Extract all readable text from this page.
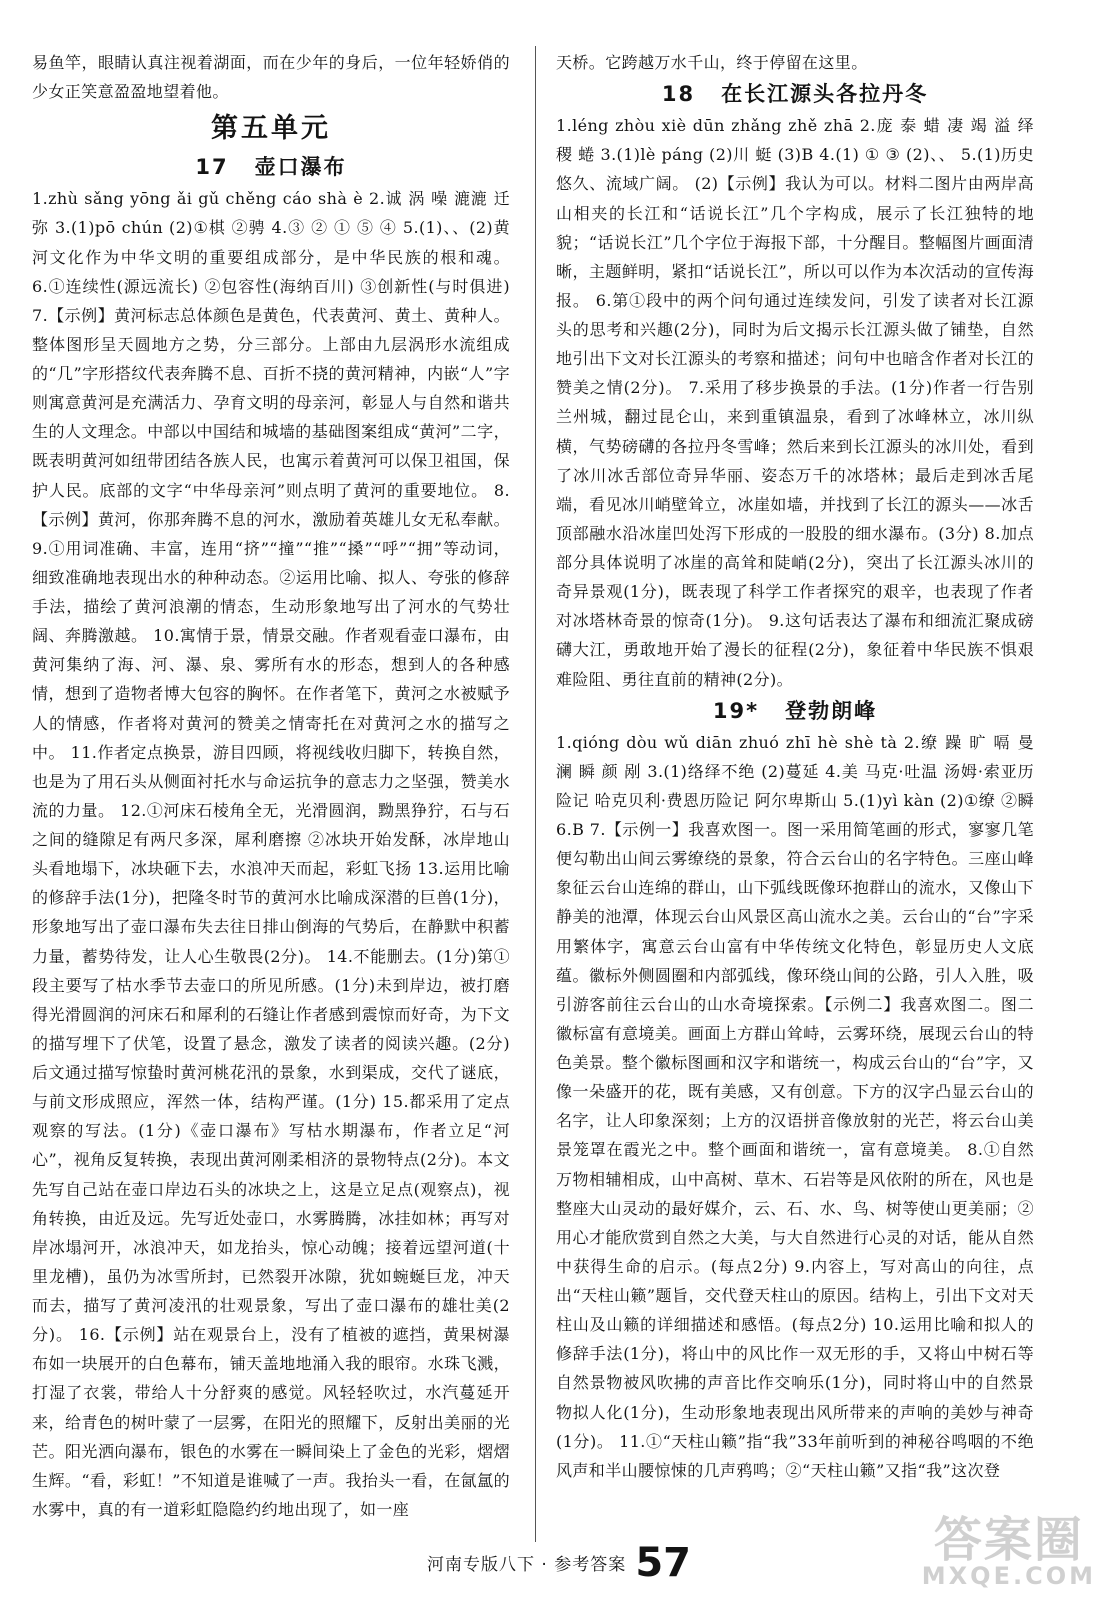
易鱼竿，眼睛认真注视着湖面，而在少年的身后，一位年轻娇俏的少女正笑意盈盈地望着他。

第五单元
17 壶口瀑布

1.zhù sǎng yōng ǎi gǔ chěng cáo shà è 2.诚 涡 噪 漉漉 迁 弥 3.(1)pō chún (2)①棋 ②骋 4.③ ② ① ⑤ ④ 5.(1)、、(2)黄河文化作为中华文明的重要组成部分，是中华民族的根和魂。 6.①连续性(源远流长) ②包容性(海纳百川) ③创新性(与时俱进) 7.【示例】黄河标志总体颜色是黄色，代表黄河、黄土、黄种人。整体图形呈天圆地方之势，分三部分。上部由九层涡形水流组成的“几”字形搭纹代表奔腾不息、百折不挠的黄河精神，内嵌“人”字则寓意黄河是充满活力、孕育文明的母亲河，彰显人与自然和谐共生的人文理念。中部以中国结和城墙的基础图案组成“黄河”二字，既表明黄河如纽带团结各族人民，也寓示着黄河可以保卫祖国，保护人民。底部的文字“中华母亲河”则点明了黄河的重要地位。 8.【示例】黄河，你那奔腾不息的河水，激励着英雄儿女无私奉献。 9.①用词准确、丰富，连用“挤”“撞”“推”“搡”“呼”“拥”等动词，细致准确地表现出水的种种动态。②运用比喻、拟人、夸张的修辞手法，描绘了黄河浪潮的情态，生动形象地写出了河水的气势壮阔、奔腾激越。 10.寓情于景，情景交融。作者观看壶口瀑布，由黄河集纳了海、河、瀑、泉、雾所有水的形态，想到人的各种感情，想到了造物者博大包容的胸怀。在作者笔下，黄河之水被赋予人的情感，作者将对黄河的赞美之情寄托在对黄河之水的描写之中。 11.作者定点换景，游目四顾，将视线收归脚下，转换自然，也是为了用石头从侧面衬托水与命运抗争的意志力之坚强，赞美水流的力量。 12.①河床石棱角全无，光滑圆润，黝黑狰狞，石与石之间的缝隙足有两尺多深，犀利磨擦 ②冰块开始发酥，冰岸地山头看地塌下，冰块砸下去，水浪冲天而起，彩虹飞扬 13.运用比喻的修辞手法(1分)，把隆冬时节的黄河水比喻成深潜的巨兽(1分)，形象地写出了壶口瀑布失去往日排山倒海的气势后，在静默中积蓄力量，蓄势待发，让人心生敬畏(2分)。 14.不能删去。(1分)第①段主要写了枯水季节去壶口的所见所感。(1分)未到岸边，被打磨得光滑圆润的河床石和犀利的石缝让作者感到震惊而好奇，为下文的描写埋下了伏笔，设置了悬念，激发了读者的阅读兴趣。(2分)后文通过描写惊蛰时黄河桃花汛的景象，水到渠成，交代了谜底，与前文形成照应，浑然一体，结构严谨。(1分) 15.都采用了定点观察的写法。(1分)《壶口瀑布》写枯水期瀑布，作者立足“河心”，视角反复转换，表现出黄河刚柔相济的景物特点(2分)。本文先写自己站在壶口岸边石头的冰块之上，这是立足点(观察点)，视角转换，由近及远。先写近处壶口，水雾腾腾，冰挂如林；再写对岸冰塌河开，冰浪冲天，如龙抬头，惊心动魄；接着远望河道(十里龙槽)，虽仍为冰雪所封，已然裂开冰隙，犹如蜿蜒巨龙，冲天而去，描写了黄河凌汛的壮观景象，写出了壶口瀑布的雄壮美(2分)。 16.【示例】站在观景台上，没有了植被的遮挡，黄果树瀑布如一块展开的白色幕布，铺天盖地地涌入我的眼帘。水珠飞溅，打湿了衣裳，带给人十分舒爽的感觉。风轻轻吹过，水汽蔓延开来，给青色的树叶蒙了一层雾，在阳光的照耀下，反射出美丽的光芒。阳光洒向瀑布，银色的水雾在一瞬间染上了金色的光彩，熠熠生辉。“看，彩虹！”不知道是谁喊了一声。我抬头一看，在氤氲的水雾中，真的有一道彩虹隐隐约约地出现了，如一座

天桥。它跨越万水千山，终于停留在这里。

18 在长江源头各拉丹冬

1.léng zhòu xiè dūn zhǎng zhě zhā 2.庞 泰 蜡 凄 竭 溢 绎 稷 蜷 3.(1)lè páng (2)川 蜓 (3)B 4.(1) ① ③ (2)、、 5.(1)历史悠久、流域广阔。 (2)【示例】我认为可以。材料二图片由两岸高山相夹的长江和“话说长江”几个字构成，展示了长江独特的地貌；“话说长江”几个字位于海报下部，十分醒目。整幅图片画面清晰，主题鲜明，紧扣“话说长江”，所以可以作为本次活动的宣传海报。 6.第①段中的两个问句通过连续发问，引发了读者对长江源头的思考和兴趣(2分)，同时为后文揭示长江源头做了铺垫，自然地引出下文对长江源头的考察和描述；问句中也暗含作者对长江的赞美之情(2分)。 7.采用了移步换景的手法。(1分)作者一行告别兰州城，翻过昆仑山，来到重镇温泉，看到了冰峰林立，冰川纵横，气势磅礴的各拉丹冬雪峰；然后来到长江源头的冰川处，看到了冰川冰舌部位奇异华丽、姿态万千的冰塔林；最后走到冰舌尾端，看见冰川峭壁耸立，冰崖如墙，并找到了长江的源头——冰舌顶部融水沿冰崖凹处泻下形成的一股股的细水瀑布。(3分) 8.加点部分具体说明了冰崖的高耸和陡峭(2分)，突出了长江源头冰川的奇异景观(1分)，既表现了科学工作者探究的艰辛，也表现了作者对冰塔林奇景的惊奇(1分)。 9.这句话表达了瀑布和细流汇聚成磅礴大江，勇敢地开始了漫长的征程(2分)，象征着中华民族不惧艰难险阻、勇往直前的精神(2分)。

19* 登勃朗峰

1.qióng dòu wǔ diān zhuó zhī hè shè tà 2.缭 躁 旷 嗝 曼 澜 瞬 颜 剐 3.(1)络绎不绝 (2)蔓延 4.美 马克·吐温 汤姆·索亚历险记 哈克贝利·费恩历险记 阿尔卑斯山 5.(1)yì kàn (2)①缭 ②瞬 6.B 7.【示例一】我喜欢图一。图一采用简笔画的形式，寥寥几笔便勾勒出山间云雾缭绕的景象，符合云台山的名字特色。三座山峰象征云台山连绵的群山，山下弧线既像环抱群山的流水，又像山下静美的池潭，体现云台山风景区高山流水之美。云台山的“台”字采用繁体字，寓意云台山富有中华传统文化特色，彰显历史人文底蕴。徽标外侧圆圈和内部弧线，像环绕山间的公路，引人入胜，吸引游客前往云台山的山水奇境探索。【示例二】我喜欢图二。图二徽标富有意境美。画面上方群山耸峙，云雾环绕，展现云台山的特色美景。整个徽标图画和汉字和谐统一，构成云台山的“台”字，又像一朵盛开的花，既有美感，又有创意。下方的汉字凸显云台山的名字，让人印象深刻；上方的汉语拼音像放射的光芒，将云台山美景笼罩在霞光之中。整个画面和谐统一，富有意境美。 8.①自然万物相辅相成，山中高树、草木、石岩等是风依附的所在，风也是整座大山灵动的最好媒介，云、石、水、鸟、树等使山更美丽；②用心才能欣赏到自然之大美，与大自然进行心灵的对话，能从自然中获得生命的启示。(每点2分) 9.内容上，写对高山的向往，点出“天柱山籁”题旨，交代登天柱山的原因。结构上，引出下文对天柱山及山籁的详细描述和感悟。(每点2分) 10.运用比喻和拟人的修辞手法(1分)，将山中的风比作一双无形的手，又将山中树石等自然景物被风吹拂的声音比作交响乐(1分)，同时将山中的自然景物拟人化(1分)，生动形象地表现出风所带来的声响的美妙与神奇(1分)。 11.①“天柱山籁”指“我”33年前听到的神秘谷鸣咽的不绝风声和半山腰惊悚的几声鸦鸣；②“天柱山籁”又指“我”这次登

河南专版八下 · 参考答案 57	答案圈
MXQE.COM
